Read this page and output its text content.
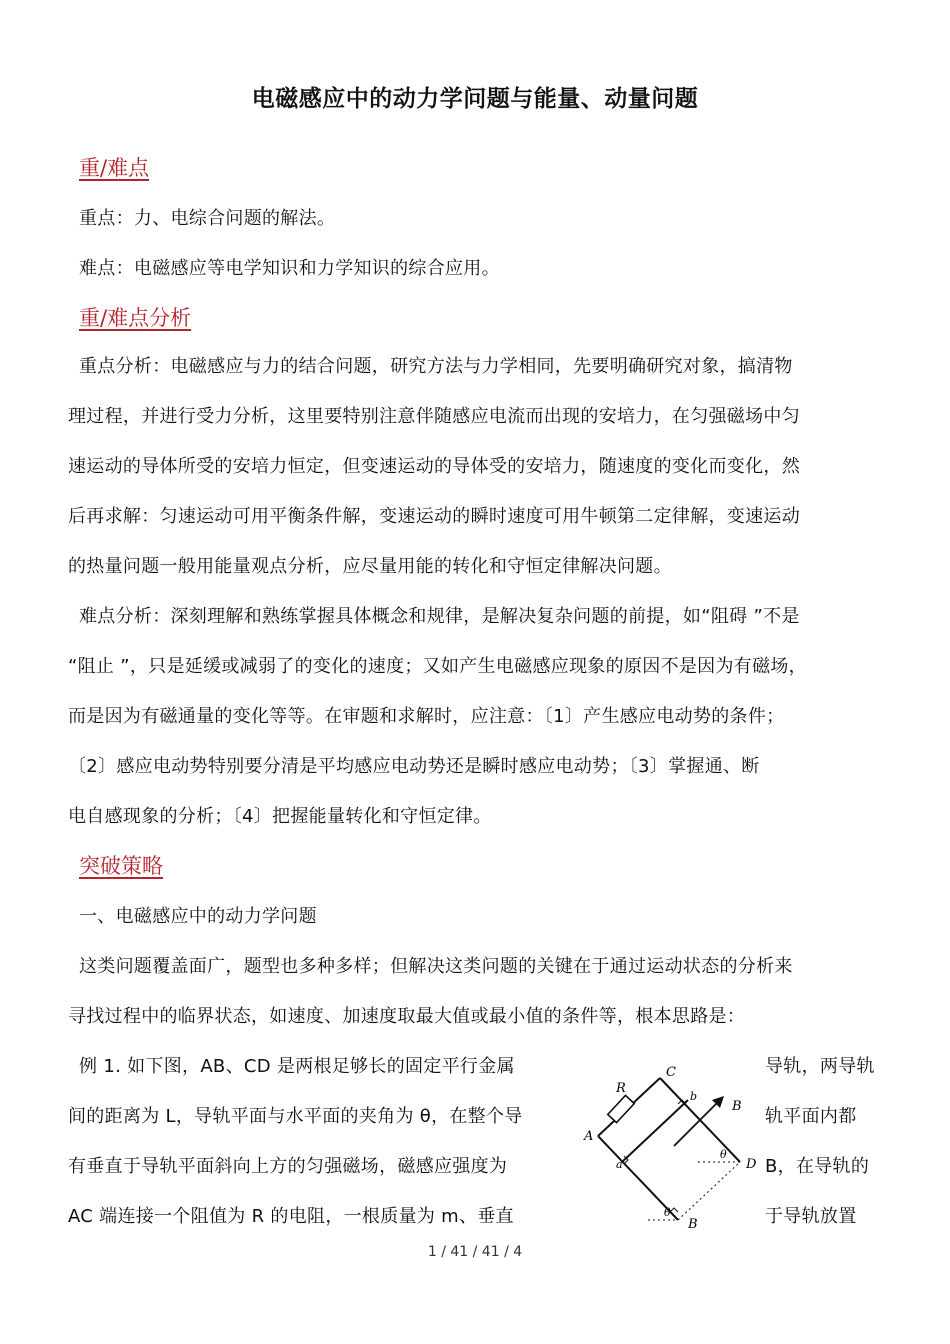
电磁感应中的动力学问题与能量、动量问题
重/难点
重点：力、电综合问题的解法。
难点：电磁感应等电学知识和力学知识的综合应用。
重/难点分析
重点分析：电磁感应与力的结合问题，研究方法与力学相同，先要明确研究对象，搞清物
理过程，并进行受力分析，这里要特别注意伴随感应电流而出现的安培力，在匀强磁场中匀
速运动的导体所受的安培力恒定，但变速运动的导体受的安培力，随速度的变化而变化，然
后再求解：匀速运动可用平衡条件解，变速运动的瞬时速度可用牛顿第二定律解，变速运动
的热量问题一般用能量观点分析，应尽量用能的转化和守恒定律解决问题。
难点分析：深刻理解和熟练掌握具体概念和规律，是解决复杂问题的前提，如“阻碍 ”不是
“阻止 ”，只是延缓或减弱了的变化的速度；又如产生电磁感应现象的原因不是因为有磁场，
而是因为有磁通量的变化等等。在审题和求解时，应注意：〔1〕产生感应电动势的条件；
〔2〕感应电动势特别要分清是平均感应电动势还是瞬时感应电动势；〔3〕掌握通、断
电自感现象的分析；〔4〕把握能量转化和守恒定律。
突破策略
一、电磁感应中的动力学问题
这类问题覆盖面广，题型也多种多样；但解决这类问题的关键在于通过运动状态的分析来
寻找过程中的临界状态，如速度、加速度取最大值或最小值的条件等，根本思路是：
例 1. 如下图，AB、CD 是两根足够长的固定平行金属
间的距离为 L，导轨平面与水平面的夹角为 θ，在整个导
有垂直于导轨平面斜向上方的匀强磁场，磁感应强度为
AC 端连接一个阻值为 R 的电阻，一根质量为 m、垂直
导轨，两导轨
轨平面内都
B，在导轨的
于导轨放置
C
R
A
a
b
B
D
B
θ
θ
1 / 41 / 41 / 4
